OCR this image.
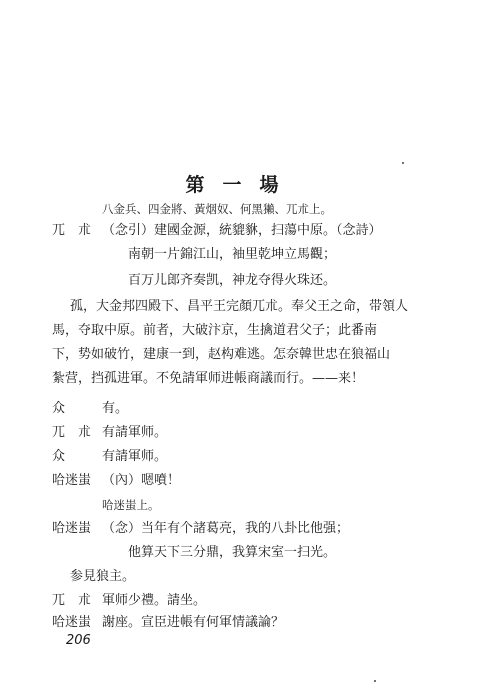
第一場
八金兵、四金將、黃烟奴、何黑獺、兀朮上。
兀　朮 （念引）建國金源，統貔貅，扫蕩中原。（念詩）
南朝一片錦江山，袖里乾坤立馬觀；
百万儿郎齐奏凯，神龙夺得火珠还。
孤，大金邦四殿下、昌平王完顏兀朮。奉父王之命，带領人
馬，夺取中原。前者，大破汴京，生擒道君父子；此番南
下，势如破竹，建康一到，赵构难逃。怎奈韓世忠在狼福山
紮营，挡孤进軍。不免請軍师进帳商議而行。——来！
众	有。
兀　朮 有請軍师。
众	有請軍师。
哈迷蚩 （內）嗯噴！
哈迷蚩上。
哈迷蚩 （念）当年有个諸葛亮，我的八卦比他强；
他算天下三分鼎，我算宋室一扫光。
参見狼主。
兀　朮 軍师少禮。請坐。
哈迷蚩 謝座。宣臣进帳有何軍情議論？
206
